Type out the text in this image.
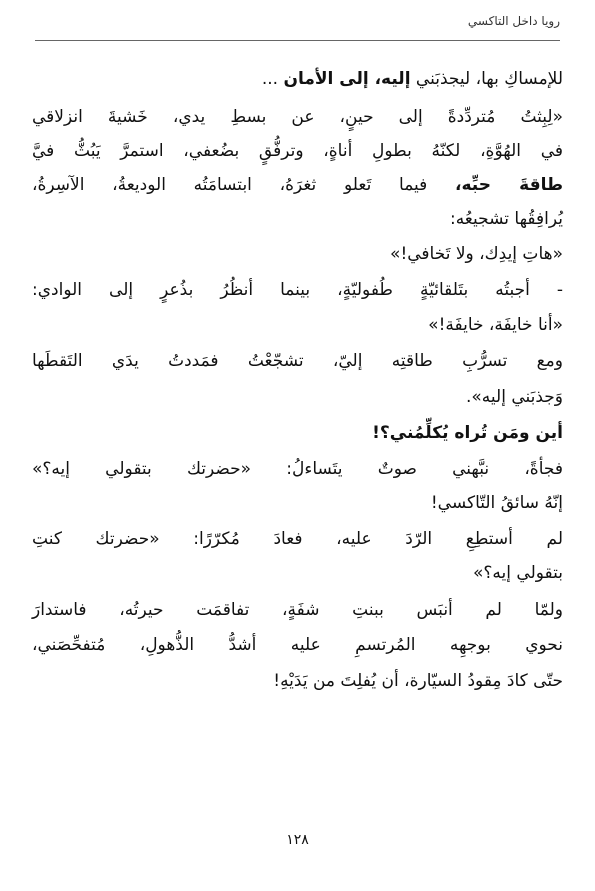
رويا داخل التاكسي
للإمساكِ بها، ليجذبَني إليه، إلى الأمان ...
«لِبِثتُ مُتردِّدةً إلى حينٍ، عن بسطِ يدي، خَشيةَ انزلاقي
في الهُوَّةِ، لكنّهُ بطولِ أناةٍ، وترفُّقٍ بضُعفي، استمرَّ يَبُثُّ فيَّ
طاقةَ حبِّه، فيما تَعلو ثغرَهُ، ابتسامَتُه الوديعةُ، الآسِرةُ،
يُرافِقُها تشجيعُه:
«هاتِ إيدِك، ولا تَخافي!»
- أجبتُه بتَلقائيّةٍ طُفوليّةٍ، بينما أنظُرُ بذُعرٍ إلى الوادي:
«أنا خايفَة، خايفَة!»
ومع تسرُّبِ طاقتِه إليّ، تشجّعْتُ فمَددتُ يدَي التَقطَها
وَجذبَني إليه».
أين ومَن تُراه يُكلِّمُني؟!
فجأةً، نبَّهني صوتٌ يتَساءلُ: «حضرتك بتقولي إيه؟»
إنّهُ سائقُ التّاكسي!
لم أستطِعِ الرّدَ عليه، فعادَ مُكرّرًا: «حضرتك كنتِ
بتقولي إيه؟»
ولمّا لم أنبَس ببنتِ شفَةٍ، تفاقمَت حيرتُه، فاستدارَ
نحوي بوجهِه المُرتسمِ عليه أشدُّ الذُّهولِ، مُتفحِّصَني،
حتّى كادَ مِقودُ السيّارة، أن يُفلِتَ من يَدَيْهِ!
١٢٨
